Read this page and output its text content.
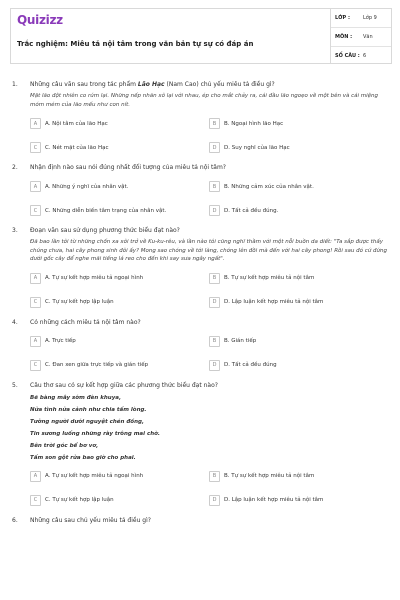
Quizizz
Trắc nghiệm: Miêu tả nội tâm trong văn bản tự sự có đáp án
LỚP :	Lớp 9
MÔN : Văn
SỐ CÂU : 6
1.	Những câu văn sau trong tác phẩm Lão Hạc (Nam Cao) chủ yếu miêu tả điều gì?
Mặt lão đột nhiên co rúm lại. Những nếp nhăn xô lại với nhau, ép cho mắt chảy ra, cái đầu lão ngoẹo về một bên và cái miệng móm mém của lão mếu như con nít.
A	A. Nội tâm của lão Hạc	B	B. Ngoại hình lão Hạc
C	C. Nét mặt của lão Hạc	D	D. Suy nghĩ của lão Hạc
2.	Nhận định nào sau nói đúng nhất đối tượng của miêu tả nội tâm?
A	A. Những ý nghĩ của nhân vật.	B	B. Những cảm xúc của nhân vật.
C	C. Những diễn biến tâm trạng của nhân vật.	D	D. Tất cả đều đúng.
3.	Đoạn văn sau sử dụng phương thức biểu đạt nào?
Đã bao lần tôi từ những chốn xa xôi trở về Ku-ku-rêu, và lần nào tôi cũng nghĩ thầm với một nỗi buồn da diết: "Ta sắp được thấy chúng chưa, hai cây phong sinh đôi ấy? Mong sao chóng về tới làng, chóng lên đồi mà đến với hai cây phong! Rồi sau đó cứ đứng dưới gốc cây để nghe mãi tiếng lá reo cho đến khi say sưa ngây ngất".
A	A. Tự sự kết hợp miêu tả ngoại hình	B	B. Tự sự kết hợp miêu tả nội tâm
C	C. Tự sự kết hợp lập luận	D	D. Lập luận kết hợp miêu tả nội tâm
4.	Có những cách miêu tả nội tâm nào?
A	A. Trực tiếp	B	B. Gián tiếp
C	C. Đan xen giữa trực tiếp và gián tiếp	D	D. Tất cả đều đúng
5.	Câu thơ sau có sự kết hợp giữa các phương thức biểu đạt nào?
Bẽ bàng mây sớm đèn khuya,
Nửa tình nửa cảnh như chia tấm lòng.
Tưởng người dưới nguyệt chén đồng,
Tin sương luống những rày trông mai chờ.
Bên trời góc bể bơ vơ,
Tấm son gột rửa bao giờ cho phai.
A	A. Tự sự kết hợp miêu tả ngoại hình	B	B. Tự sự kết hợp miêu tả nội tâm
C	C. Tự sự kết hợp lập luận	D	D. Lập luận kết hợp miêu tả nội tâm
6.	Những câu sau chủ yếu miêu tả điều gì?
